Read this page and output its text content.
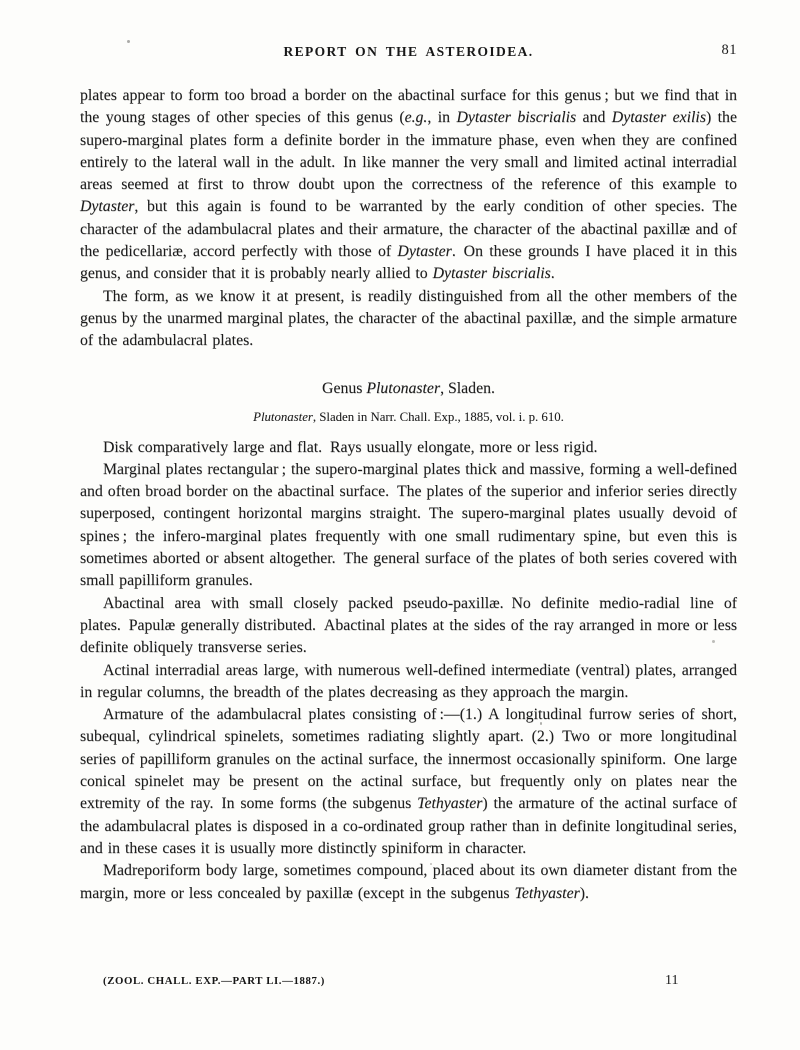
REPORT ON THE ASTEROIDEA.	81

plates appear to form too broad a border on the abactinal surface for this genus ; but we find that in the young stages of other species of this genus (e.g., in Dytaster biscrialis and Dytaster exilis) the supero-marginal plates form a definite border in the immature phase, even when they are confined entirely to the lateral wall in the adult. In like manner the very small and limited actinal interradial areas seemed at first to throw doubt upon the correctness of the reference of this example to Dytaster, but this again is found to be warranted by the early condition of other species. The character of the adambulacral plates and their armature, the character of the abactinal paxillæ and of the pedicellariæ, accord perfectly with those of Dytaster. On these grounds I have placed it in this genus, and consider that it is probably nearly allied to Dytaster biscrialis.

The form, as we know it at present, is readily distinguished from all the other members of the genus by the unarmed marginal plates, the character of the abactinal paxillæ, and the simple armature of the adambulacral plates.

Genus Plutonaster, Sladen.

Plutonaster, Sladen in Narr. Chall. Exp., 1885, vol. i. p. 610.

Disk comparatively large and flat. Rays usually elongate, more or less rigid.

Marginal plates rectangular ; the supero-marginal plates thick and massive, forming a well-defined and often broad border on the abactinal surface. The plates of the superior and inferior series directly superposed, contingent horizontal margins straight. The supero-marginal plates usually devoid of spines ; the infero-marginal plates frequently with one small rudimentary spine, but even this is sometimes aborted or absent altogether. The general surface of the plates of both series covered with small papilliform granules.

Abactinal area with small closely packed pseudo-paxillæ. No definite medio-radial line of plates. Papulæ generally distributed. Abactinal plates at the sides of the ray arranged in more or less definite obliquely transverse series.

Actinal interradial areas large, with numerous well-defined intermediate (ventral) plates, arranged in regular columns, the breadth of the plates decreasing as they approach the margin.

Armature of the adambulacral plates consisting of :—(1.) A longitudinal furrow series of short, subequal, cylindrical spinelets, sometimes radiating slightly apart. (2.) Two or more longitudinal series of papilliform granules on the actinal surface, the innermost occasionally spiniform. One large conical spinelet may be present on the actinal surface, but frequently only on plates near the extremity of the ray. In some forms (the subgenus Tethyaster) the armature of the actinal surface of the adambulacral plates is disposed in a co-ordinated group rather than in definite longitudinal series, and in these cases it is usually more distinctly spiniform in character.

Madreporiform body large, sometimes compound, placed about its own diameter distant from the margin, more or less concealed by paxillæ (except in the subgenus Tethyaster).

(ZOOL. CHALL. EXP.—PART LI.—1887.)	11
